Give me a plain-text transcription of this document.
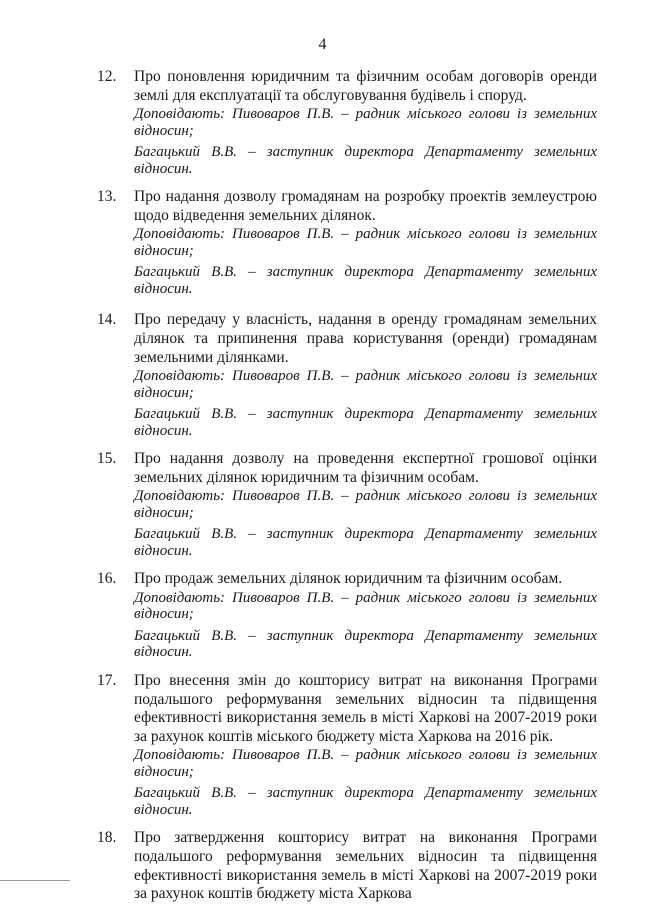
4
12.	Про поновлення юридичним та фізичним особам договорів оренди землі для експлуатації та обслуговування будівель і споруд.

Доповідають: Пивоваров П.В. – радник міського голови із земельних відносин;

Багацький В.В. – заступник директора Департаменту земельних відносин.

13.	Про надання дозволу громадянам на розробку проектів землеустрою щодо відведення земельних ділянок.

Доповідають: Пивоваров П.В. – радник міського голови із земельних відносин;

Багацький В.В. – заступник директора Департаменту земельних відносин.

14.	Про передачу у власність, надання в оренду громадянам земельних ділянок та припинення права користування (оренди) громадянам земельними ділянками.

Доповідають: Пивоваров П.В. – радник міського голови із земельних відносин;

Багацький В.В. – заступник директора Департаменту земельних відносин.

15.	Про надання дозволу на проведення експертної грошової оцінки земельних ділянок юридичним та фізичним особам.

Доповідають: Пивоваров П.В. – радник міського голови із земельних відносин;

Багацький В.В. – заступник директора Департаменту земельних відносин.

16.	Про продаж земельних ділянок юридичним та фізичним особам.

Доповідають: Пивоваров П.В. – радник міського голови із земельних відносин;

Багацький В.В. – заступник директора Департаменту земельних відносин.

17.	Про внесення змін до кошторису витрат на виконання Програми подальшого реформування земельних відносин та підвищення ефективності використання земель в місті Харкові на 2007-2019 роки за рахунок коштів міського бюджету міста Харкова на 2016 рік.

Доповідають: Пивоваров П.В. – радник міського голови із земельних відносин;

Багацький В.В. – заступник директора Департаменту земельних відносин.

18.	Про затвердження кошторису витрат на виконання Програми подальшого реформування земельних відносин та підвищення ефективності використання земель в місті Харкові на 2007-2019 роки за рахунок коштів бюджету міста Харкова
